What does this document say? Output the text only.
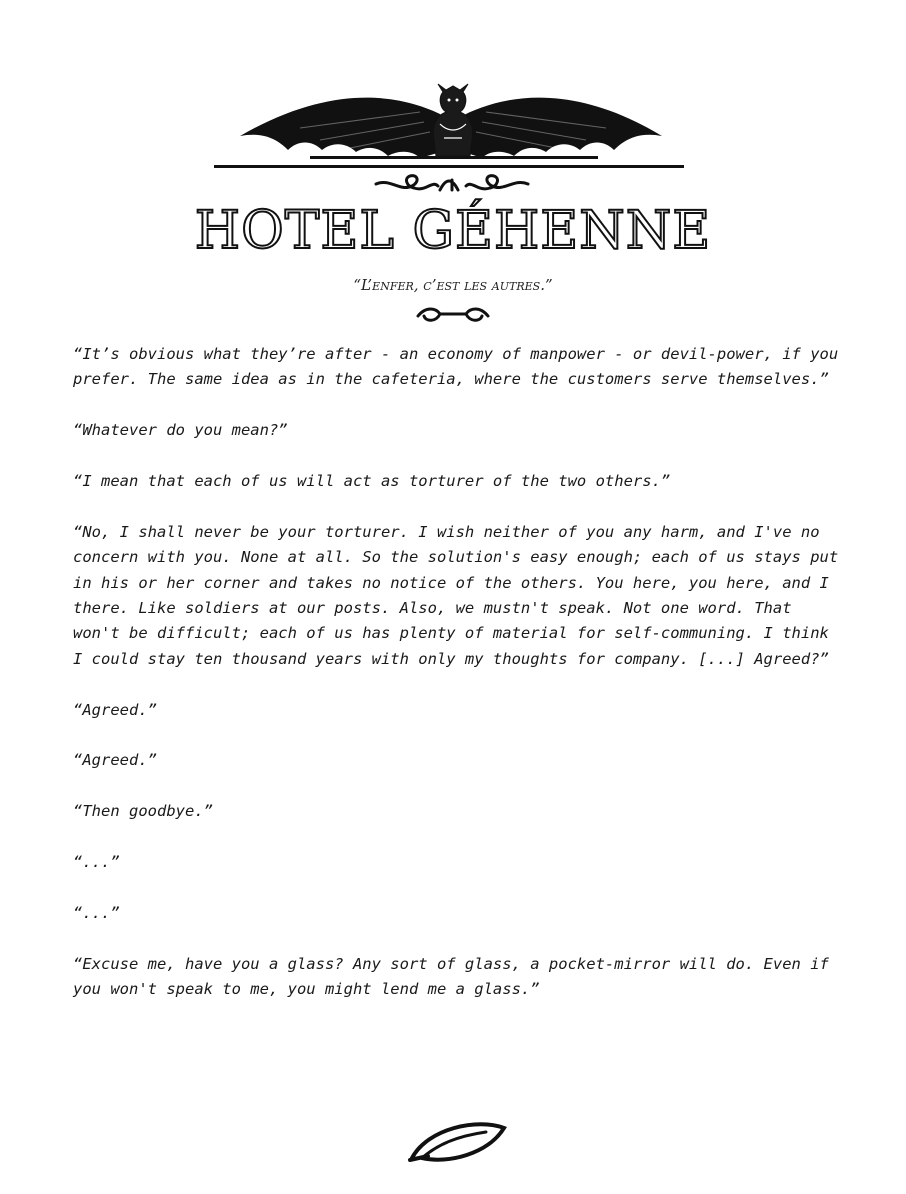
HOTEL GÉHENNE
“L’enfer, c’est les autres.”

“It’s obvious what they’re after - an economy of manpower - or devil-power, if you prefer. The same idea as in the cafeteria, where the customers serve themselves.”

“Whatever do you mean?”

“I mean that each of us will act as torturer of the two others.”

“No, I shall never be your torturer. I wish neither of you any harm, and I've no concern with you. None at all. So the solution's easy enough; each of us stays put in his or her corner and takes no notice of the others. You here, you here, and I there. Like soldiers at our posts. Also, we mustn't speak. Not one word. That won't be difficult; each of us has plenty of material for self-communing. I think I could stay ten thousand years with only my thoughts for company. [...] Agreed?”

“Agreed.”

“Agreed.”

“Then goodbye.”

“...”

“...”

“Excuse me, have you a glass? Any sort of glass, a pocket-mirror will do. Even if you won't speak to me, you might lend me a glass.”
